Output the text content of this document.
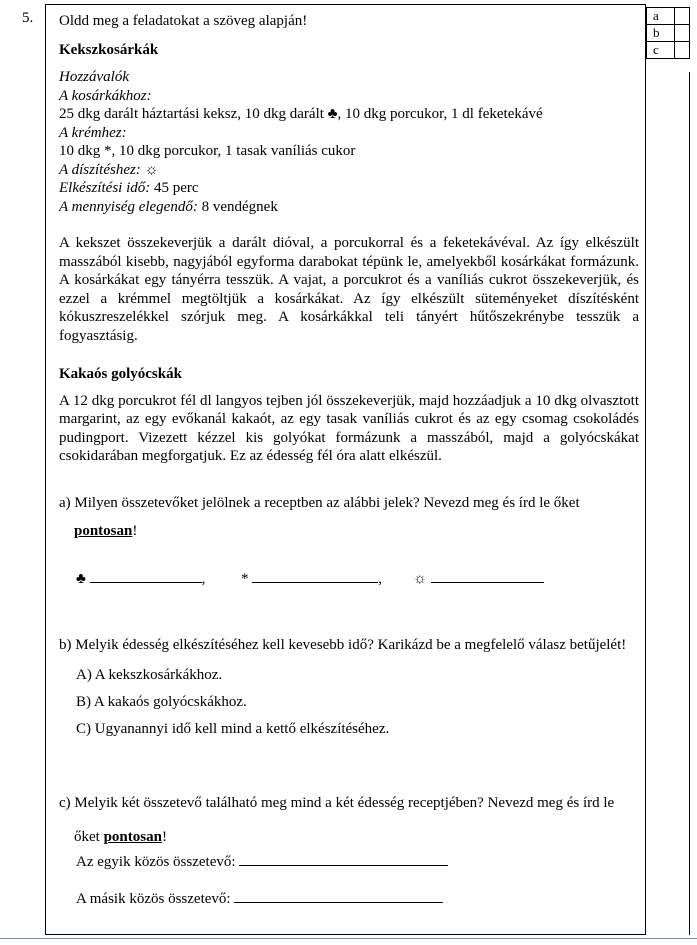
5.	a	
b	
c	

Oldd meg a feladatokat a szöveg alapján!

Kekszkosárkák

Hozzávalók

A kosárkákhoz:

25 dkg darált háztartási keksz, 10 dkg darált ♣, 10 dkg porcukor, 1 dl feketekávé

A krémhez:

10 dkg *, 10 dkg porcukor, 1 tasak vaníliás cukor

A díszítéshez: ☼

Elkészítési idő: 45 perc

A mennyiség elegendő: 8 vendégnek

A kekszet összekeverjük a darált dióval, a porcukorral és a feketekávéval. Az így elkészült masszából kisebb, nagyjából egyforma darabokat tépünk le, amelyekből kosárkákat formázunk. A kosárkákat egy tányérra tesszük. A vajat, a porcukrot és a vaníliás cukrot összekeverjük, és ezzel a krémmel megtöltjük a kosárkákat. Az így elkészült süteményeket díszítésként kókuszreszelékkel szórjuk meg. A kosárkákkal teli tányért hűtőszekrénybe tesszük a fogyasztásig.

Kakaós golyócskák

A 12 dkg porcukrot fél dl langyos tejben jól összekeverjük, majd hozzáadjuk a 10 dkg olvasztott margarint, az egy evőkanál kakaót, az egy tasak vaníliás cukrot és az egy csomag csokoládés pudingport. Vizezett kézzel kis golyókat formázunk a masszából, majd a golyócskákat csokidarában megforgatjuk. Ez az édesség fél óra alatt elkészül.

a) Milyen összetevőket jelölnek a receptben az alábbi jelek? Nevezd meg és írd le őket

pontosan!

♣	, *	, ☼

b) Melyik édesség elkészítéséhez kell kevesebb idő? Karikázd be a megfelelő válasz betűjelét!

A) A kekszkosárkákhoz.
B) A kakaós golyócskákhoz.
C) Ugyanannyi idő kell mind a kettő elkészítéséhez.

c) Melyik két összetevő található meg mind a két édesség receptjében? Nevezd meg és írd le

őket pontosan!

Az egyik közös összetevő:
A másik közös összetevő:
